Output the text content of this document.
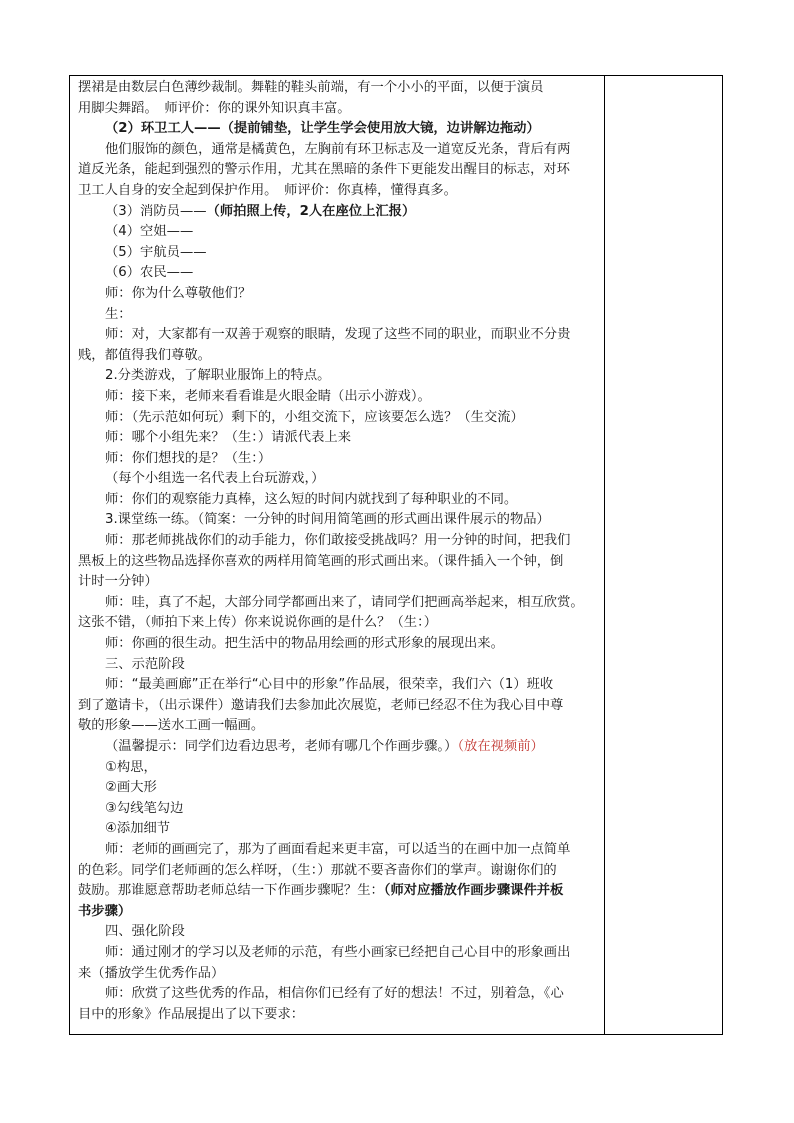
摆裙是由数层白色薄纱裁制。舞鞋的鞋头前端，有一个小小的平面，以便于演员
用脚尖舞蹈。　师评价：你的课外知识真丰富。
（2）环卫工人——（提前铺垫，让学生学会使用放大镜，边讲解边拖动）
他们服饰的颜色，通常是橘黄色，左胸前有环卫标志及一道宽反光条，背后有两
道反光条，能起到强烈的警示作用，尤其在黑暗的条件下更能发出醒目的标志，对环
卫工人自身的安全起到保护作用。　师评价：你真棒，懂得真多。
（3）消防员——（师拍照上传，2人在座位上汇报）
（4）空姐——
（5）宇航员——
（6）农民——
师：你为什么尊敬他们？
生：
师：对，大家都有一双善于观察的眼睛，发现了这些不同的职业，而职业不分贵
贱，都值得我们尊敬。
2.分类游戏，了解职业服饰上的特点。
师：接下来，老师来看看谁是火眼金睛（出示小游戏）。
师：（先示范如何玩）剩下的，小组交流下，应该要怎么选？（生交流）
师：哪个小组先来？（生：）请派代表上来
师：你们想找的是？（生：）
（每个小组选一名代表上台玩游戏，）
师：你们的观察能力真棒，这么短的时间内就找到了每种职业的不同。
3.课堂练一练。（简案：一分钟的时间用简笔画的形式画出课件展示的物品）
师：那老师挑战你们的动手能力，你们敢接受挑战吗？用一分钟的时间，把我们
黑板上的这些物品选择你喜欢的两样用简笔画的形式画出来。（课件插入一个钟，倒
计时一分钟）
师：哇，真了不起，大部分同学都画出来了，请同学们把画高举起来，相互欣赏。
这张不错，（师拍下来上传）你来说说你画的是什么？（生：）
师：你画的很生动。把生活中的物品用绘画的形式形象的展现出来。
三、示范阶段
师：“最美画廊”正在举行“心目中的形象”作品展，很荣幸，我们六（1）班收
到了邀请卡，（出示课件）邀请我们去参加此次展览，老师已经忍不住为我心目中尊
敬的形象——送水工画一幅画。
（温馨提示：同学们边看边思考，老师有哪几个作画步骤。）（放在视频前）
①构思，
②画大形
③勾线笔勾边
④添加细节
师：老师的画画完了，那为了画面看起来更丰富，可以适当的在画中加一点简单
的色彩。同学们老师画的怎么样呀，（生：）那就不要吝啬你们的掌声。谢谢你们的
鼓励。那谁愿意帮助老师总结一下作画步骤呢？生：（师对应播放作画步骤课件并板
书步骤）
四、强化阶段
师：通过刚才的学习以及老师的示范，有些小画家已经把自己心目中的形象画出
来（播放学生优秀作品）
师：欣赏了这些优秀的作品，相信你们已经有了好的想法！不过，别着急，《心
目中的形象》作品展提出了以下要求：
